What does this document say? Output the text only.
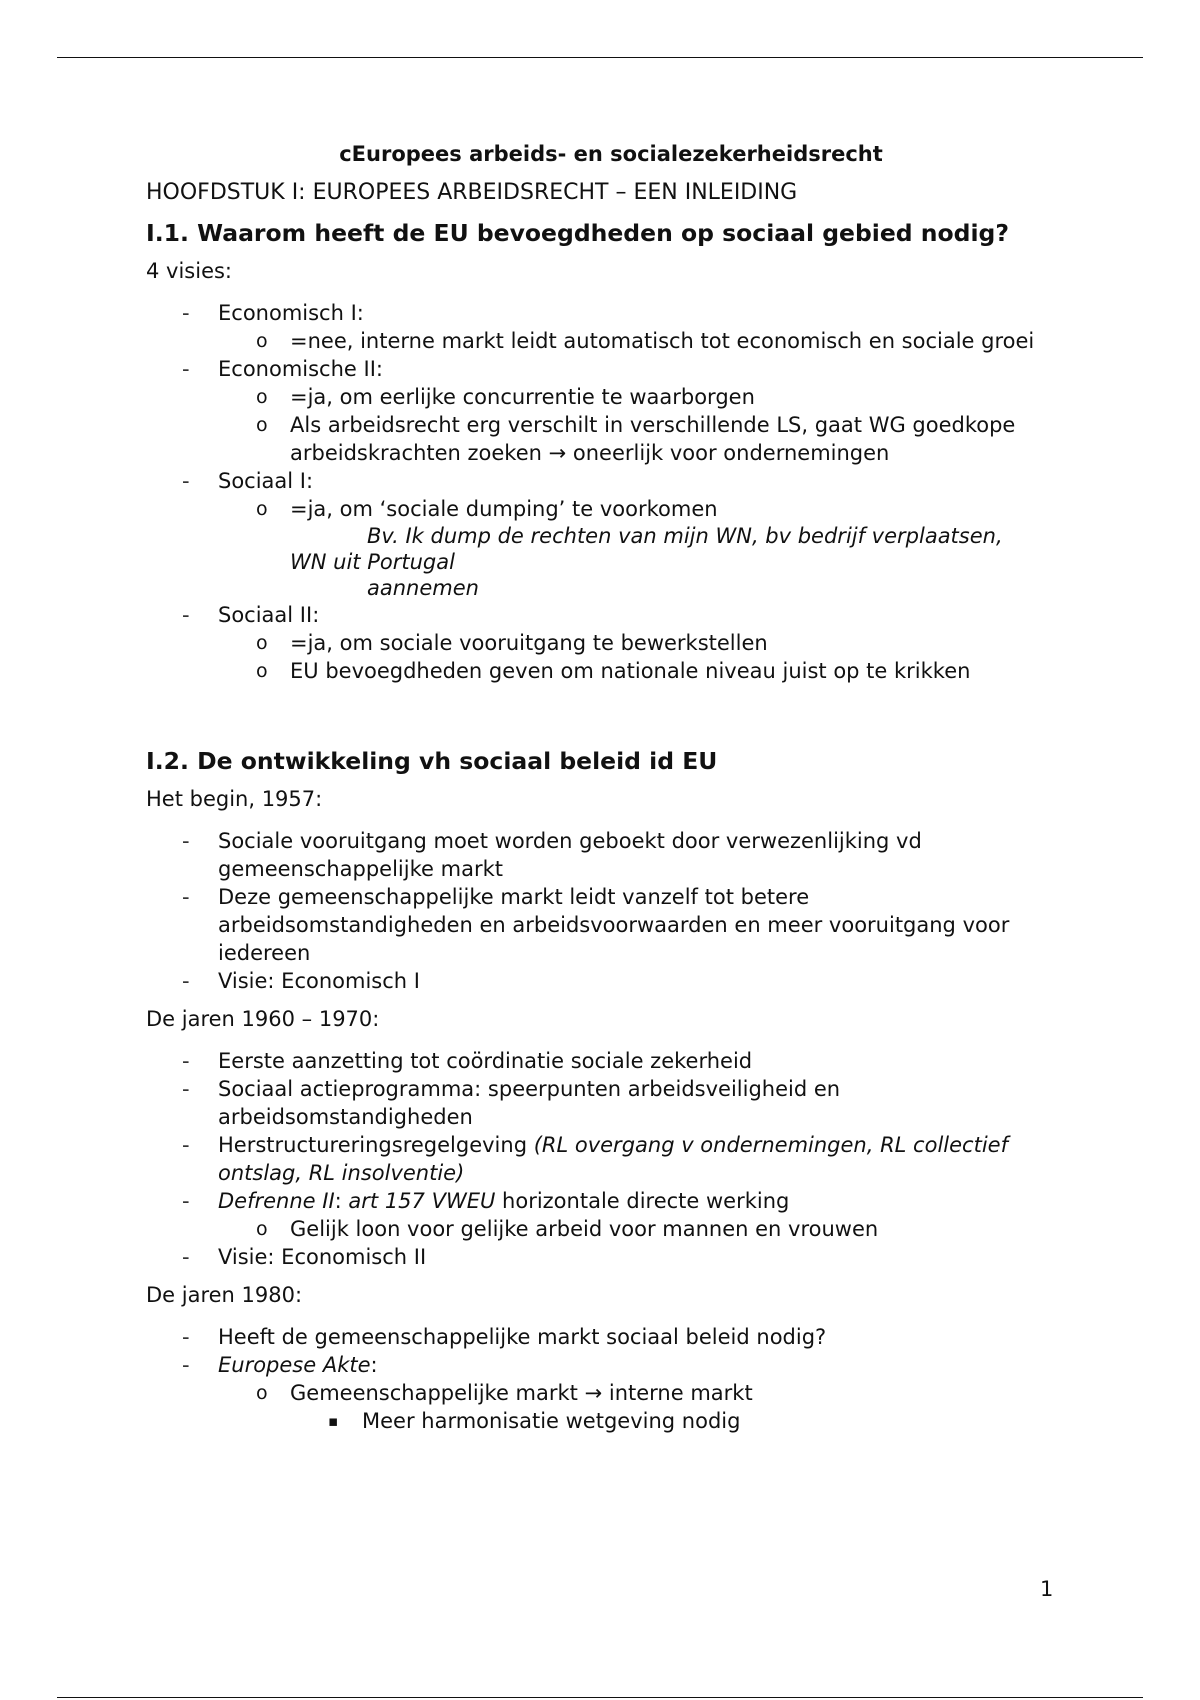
cEuropees arbeids- en socialezekerheidsrecht
HOOFDSTUK I: EUROPEES ARBEIDSRECHT – EEN INLEIDING
I.1. Waarom heeft de EU bevoegdheden op sociaal gebied nodig?

4 visies:

- Economisch I:
o =nee, interne markt leidt automatisch tot economisch en sociale groei
- Economische II:
o =ja, om eerlijke concurrentie te waarborgen
o Als arbeidsrecht erg verschilt in verschillende LS, gaat WG goedkope arbeidskrachten zoeken → oneerlijk voor ondernemingen
- Sociaal I:
o =ja, om ‘sociale dumping’ te voorkomen
Bv. Ik dump de rechten van mijn WN, bv bedrijf verplaatsen,
WN uit Portugal
aannemen
- Sociaal II:
o =ja, om sociale vooruitgang te bewerkstellen
o EU bevoegdheden geven om nationale niveau juist op te krikken
I.2. De ontwikkeling vh sociaal beleid id EU

Het begin, 1957:

- Sociale vooruitgang moet worden geboekt door verwezenlijking vd gemeenschappelijke markt
- Deze gemeenschappelijke markt leidt vanzelf tot betere arbeidsomstandigheden en arbeidsvoorwaarden en meer vooruitgang voor iedereen
- Visie: Economisch I

De jaren 1960 – 1970:

- Eerste aanzetting tot coördinatie sociale zekerheid
- Sociaal actieprogramma: speerpunten arbeidsveiligheid en arbeidsomstandigheden
- Herstructureringsregelgeving (RL overgang v ondernemingen, RL collectief ontslag, RL insolventie)
- Defrenne II: art 157 VWEU horizontale directe werking
o Gelijk loon voor gelijke arbeid voor mannen en vrouwen
- Visie: Economisch II

De jaren 1980:

- Heeft de gemeenschappelijke markt sociaal beleid nodig?
- Europese Akte:
o Gemeenschappelijke markt → interne markt
▪ Meer harmonisatie wetgeving nodig
1
